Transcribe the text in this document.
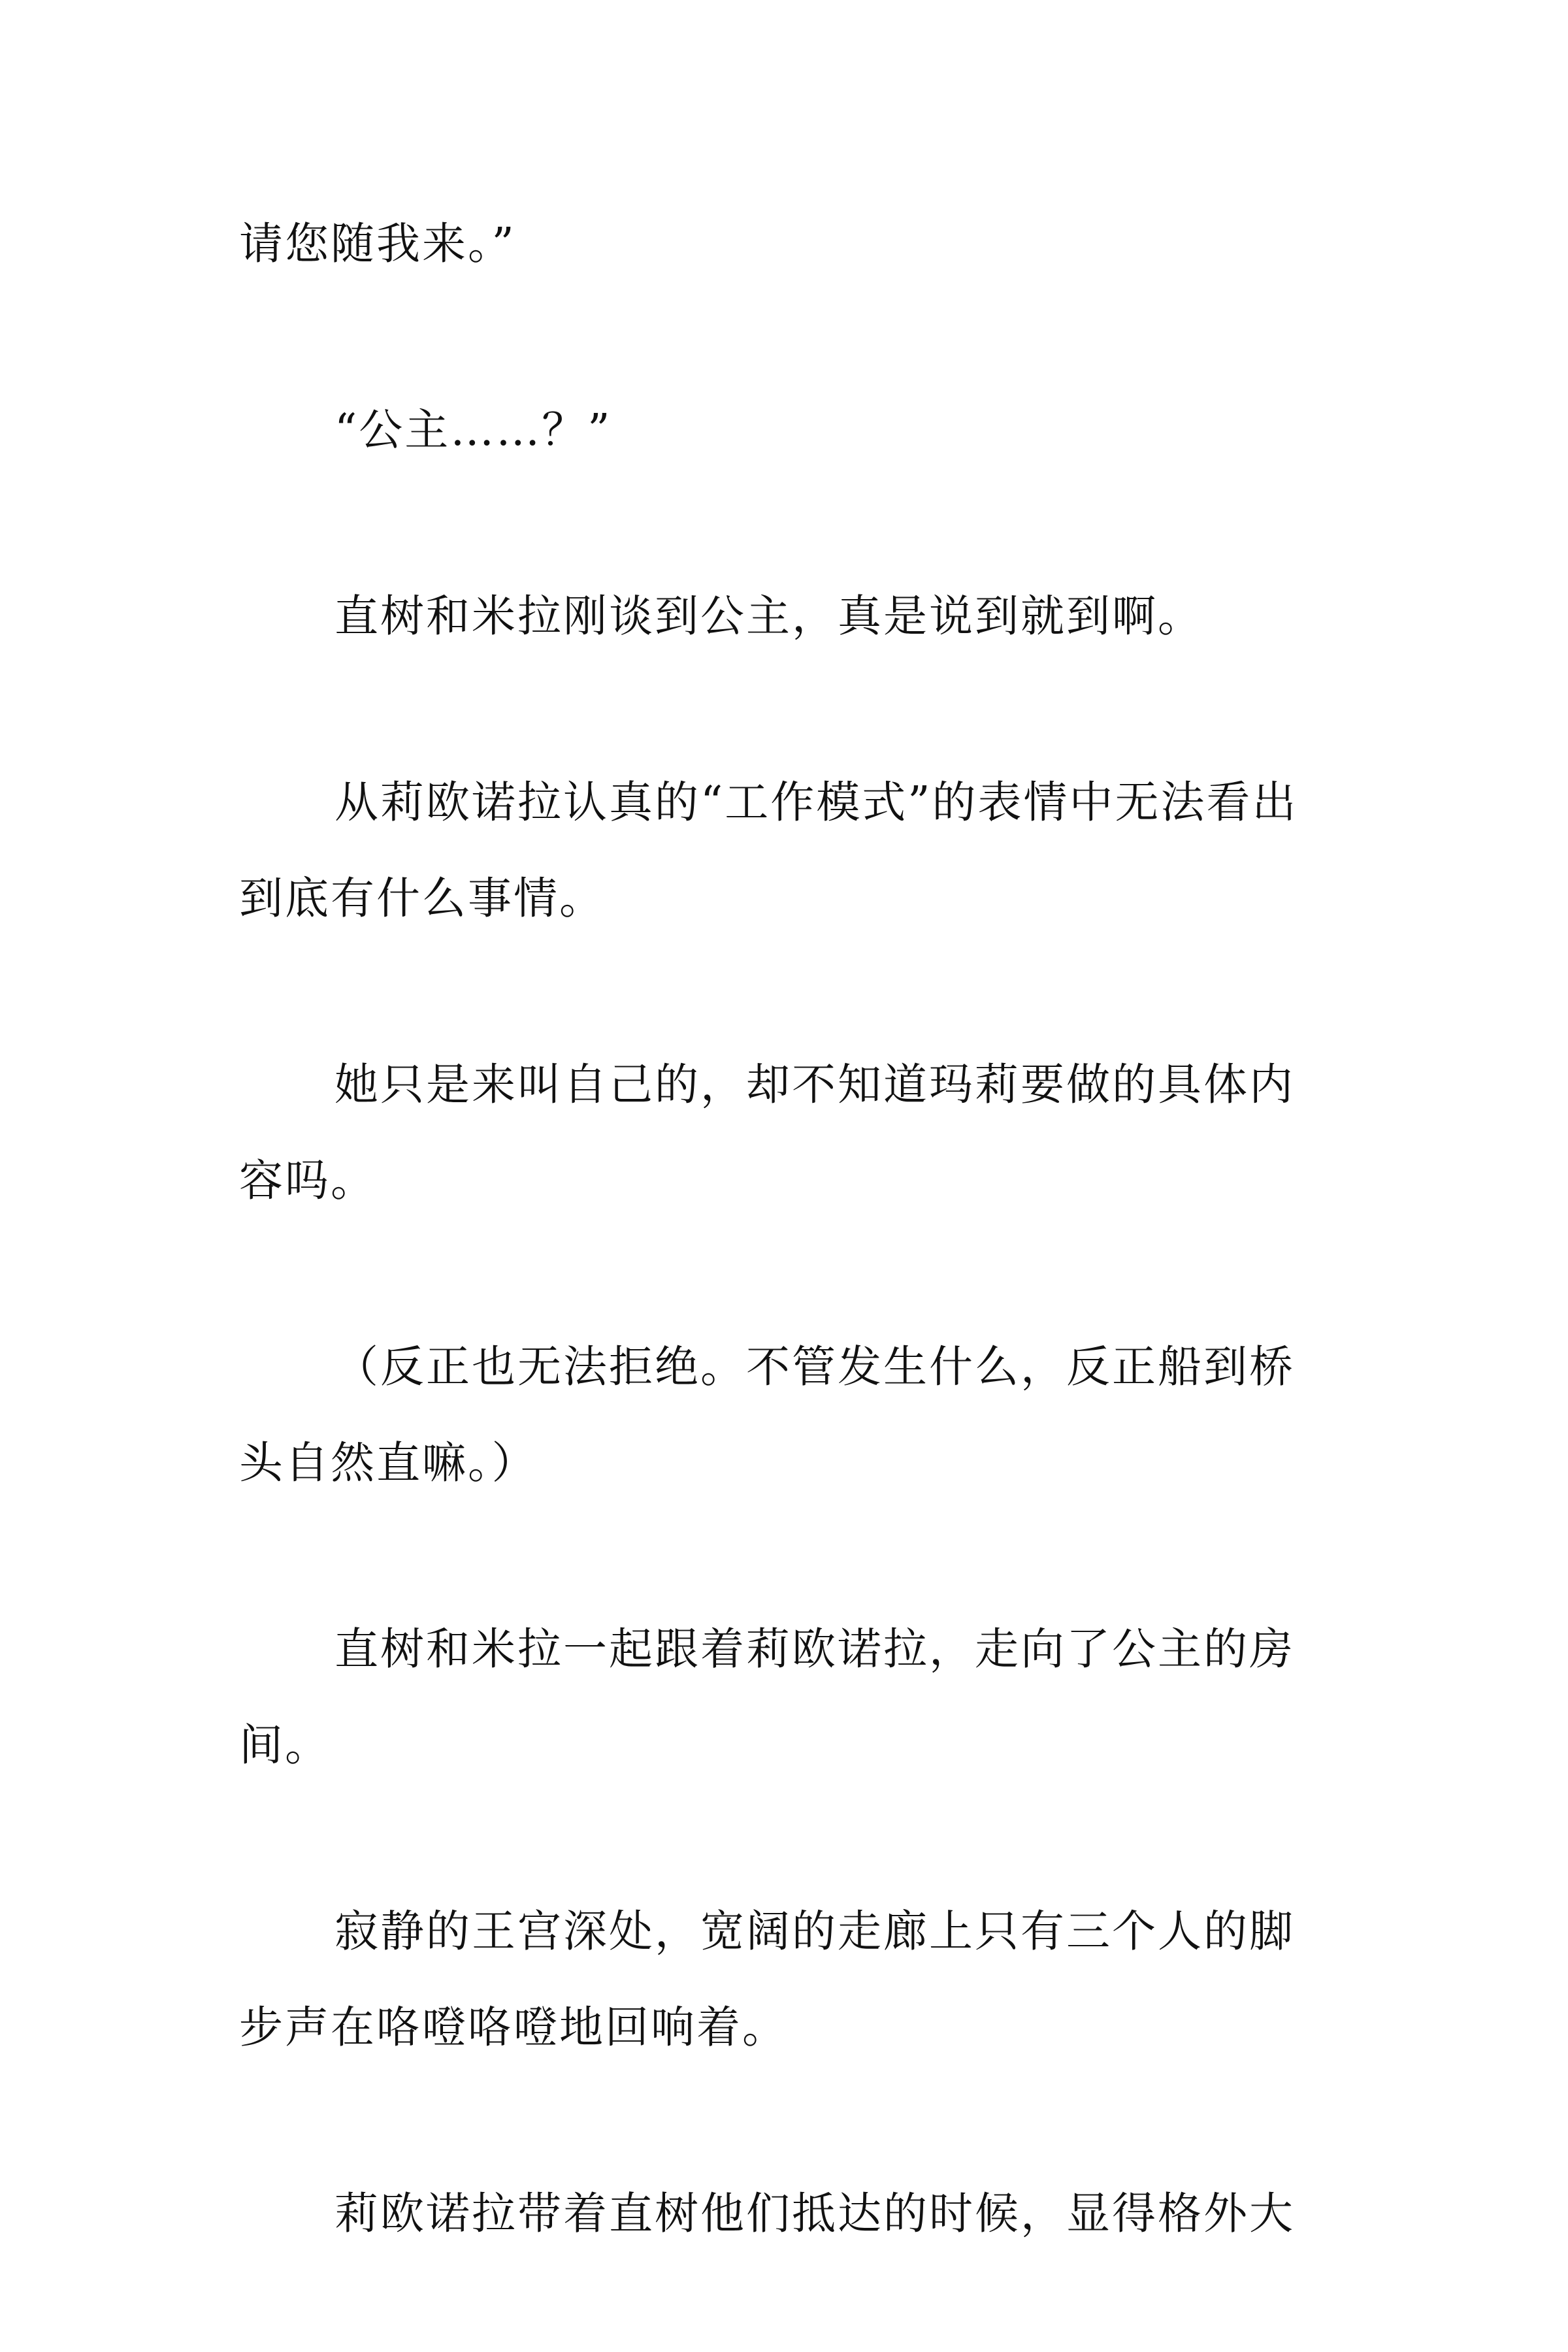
请您随我来。”

“公主……？”

直树和米拉刚谈到公主，真是说到就到啊。

从莉欧诺拉认真的“工作模式”的表情中无法看出到底有什么事情。

她只是来叫自己的，却不知道玛莉要做的具体内容吗。

（反正也无法拒绝。不管发生什么，反正船到桥头自然直嘛。）

直树和米拉一起跟着莉欧诺拉，走向了公主的房间。

寂静的王宫深处，宽阔的走廊上只有三个人的脚步声在咯噔咯噔地回响着。

莉欧诺拉带着直树他们抵达的时候，显得格外大
